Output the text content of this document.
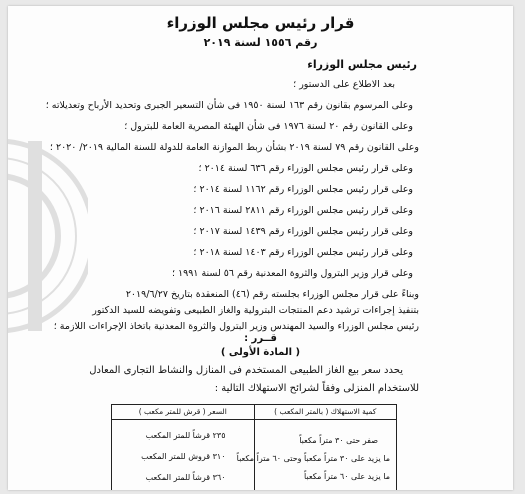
قرار رئيس مجلس الوزراء
رقم ١٥٥٦ لسنة ٢٠١٩
رئيس مجلس الوزراء
بعد الاطلاع على الدستور ؛
وعلى المرسوم بقانون رقم ١٦٣ لسنة ١٩٥٠ فى شأن التسعير الجبرى وتحديد الأرباح وتعديلاته ؛
وعلى القانون رقم ٢٠ لسنة ١٩٧٦ فى شأن الهيئة المصرية العامة للبترول ؛
وعلى القانون رقم ٧٩ لسنة ٢٠١٩ بشأن ربط الموازنة العامة للدولة للسنة المالية ٢٠١٩/ ٢٠٢٠ ؛
وعلى قرار رئيس مجلس الوزراء رقم ٦٣٦ لسنة ٢٠١٤ ؛
وعلى قرار رئيس مجلس الوزراء رقم ١١٦٢ لسنة ٢٠١٤ ؛
وعلى قرار رئيس مجلس الوزراء رقم ٢٨١١ لسنة ٢٠١٦ ؛
وعلى قرار رئيس مجلس الوزراء رقم ١٤٣٩ لسنة ٢٠١٧ ؛
وعلى قرار رئيس مجلس الوزراء رقم ١٤٠٣ لسنة ٢٠١٨ ؛
وعلى قرار وزير البترول والثروة المعدنية رقم ٥٦ لسنة ١٩٩١ ؛
وبناءً على قرار مجلس الوزراء بجلسته رقم (٤٦) المنعقدة بتاريخ ٢٠١٩/٦/٢٧
بتنفيذ إجراءات ترشيد دعم المنتجات البترولية والغاز الطبيعى وتفويضه للسيد الدكتور
رئيس مجلس الوزراء والسيد المهندس وزير البترول والثروة المعدنية باتخاذ الإجراءات اللازمة ؛
قــرر :
( المادة الأولى )
يحدد سعر بيع الغاز الطبيعى المستخدم فى المنازل والنشاط التجارى المعادل
للاستخدام المنزلى وفقاً لشرائح الاستهلاك التالية :
كمية الاستهلاك ( بالمتر المكعب )
صفر حتى ٣٠ متراً مكعباً
ما يزيد على ٣٠ متراً مكعباً وحتى ٦٠ متراً مكعباً
ما يزيد على ٦٠ متراً مكعباً
السعر ( قرش للمتر مكعب )
٢٣٥ قرشاً للمتر المكعب
٣١٠ قروش للمتر المكعب
٣٦٠ قرشاً للمتر المكعب
